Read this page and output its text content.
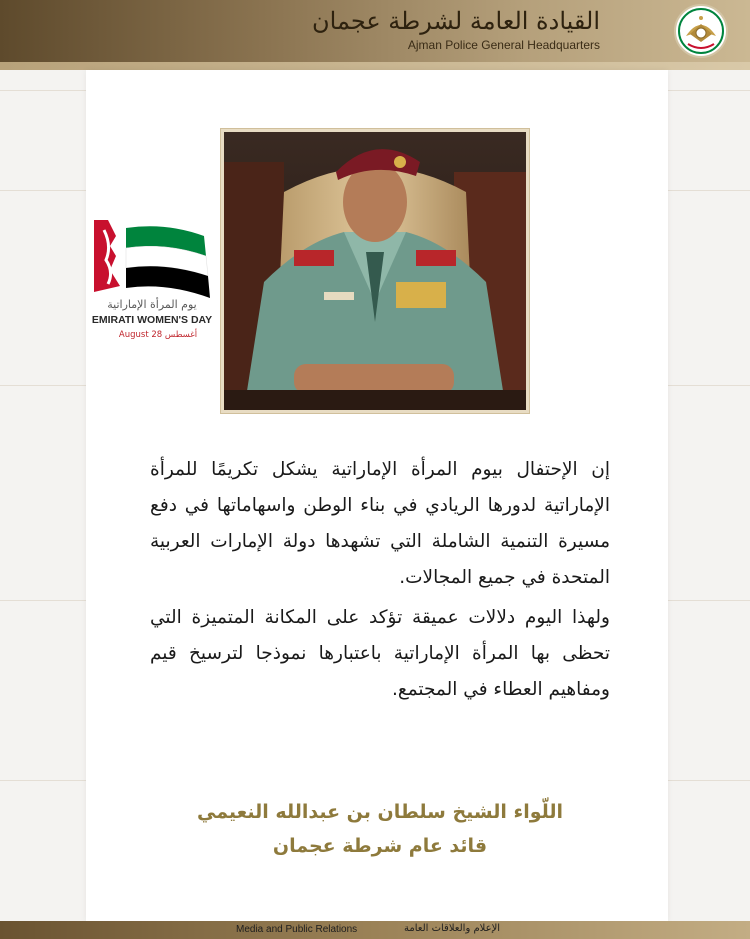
القيادة العامة لشرطة عجمان
Ajman Police General Headquarters
يوم المرأة الإماراتية
EMIRATI WOMEN'S DAY
أغسطس August 28

إن الإحتفال بيوم المرأة الإماراتية يشكل تكريمًا للمرأة الإماراتية لدورها الريادي في بناء الوطن واسهاماتها في دفع مسيرة التنمية الشاملة التي تشهدها دولة الإمارات العربية المتحدة في جميع المجالات.

ولهذا اليوم دلالات عميقة تؤكد على المكانة المتميزة التي تحظى بها المرأة الإماراتية باعتبارها نموذجا لترسيخ قيم ومفاهيم العطاء في المجتمع.

اللّواء الشيخ سلطان بن عبدالله النعيمي
قائد عام شرطة عجمان
Media and Public Relations	الإعلام والعلاقات العامة
